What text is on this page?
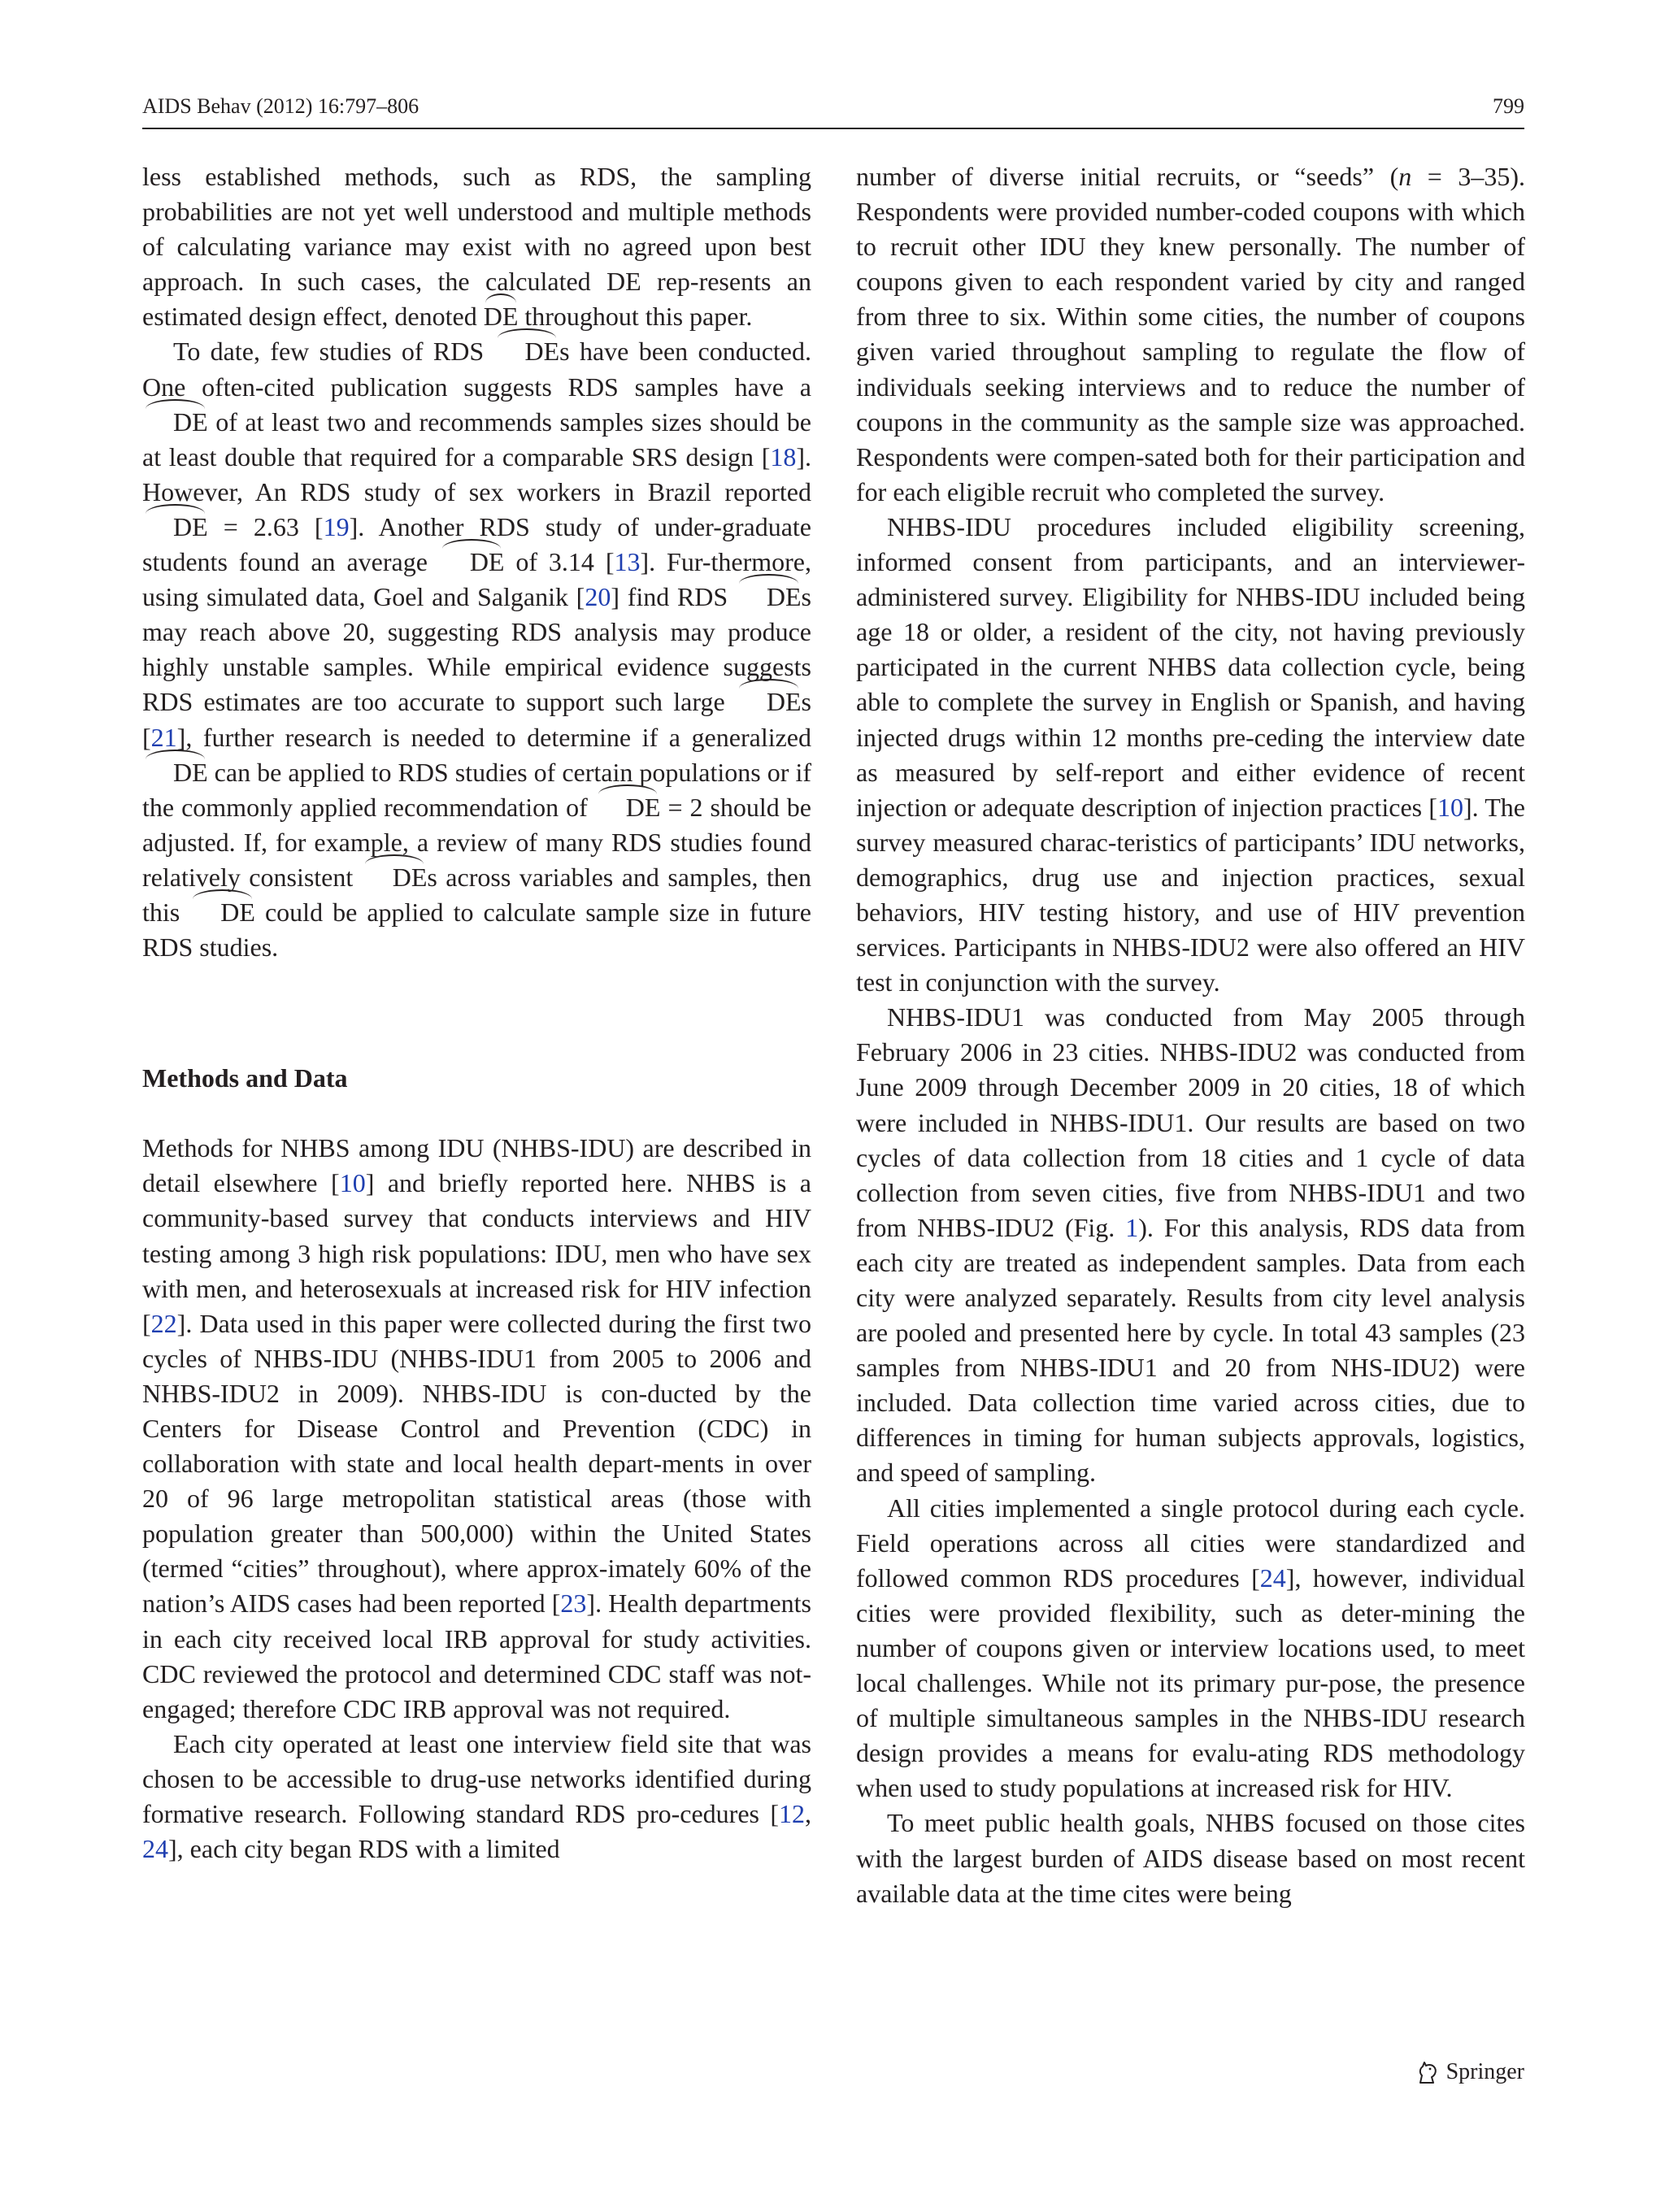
AIDS Behav (2012) 16:797–806	799

less established methods, such as RDS, the sampling probabilities are not yet well understood and multiple methods of calculating variance may exist with no agreed upon best approach. In such cases, the calculated DE rep-resents an estimated design effect, denoted DE throughout this paper.

To date, few studies of RDS DEs have been conducted. One often-cited publication suggests RDS samples have a DE of at least two and recommends samples sizes should be at least double that required for a comparable SRS design [18]. However, An RDS study of sex workers in Brazil reported DE = 2.63 [19]. Another RDS study of under-graduate students found an average DE of 3.14 [13]. Fur-thermore, using simulated data, Goel and Salganik [20] find RDS DEs may reach above 20, suggesting RDS analysis may produce highly unstable samples. While empirical evidence suggests RDS estimates are too accurate to support such large DEs [21], further research is needed to determine if a generalized DE can be applied to RDS studies of certain populations or if the commonly applied recommendation of DE = 2 should be adjusted. If, for example, a review of many RDS studies found relatively consistent DEs across variables and samples, then this DE could be applied to calculate sample size in future RDS studies.

Methods and Data

Methods for NHBS among IDU (NHBS-IDU) are described in detail elsewhere [10] and briefly reported here. NHBS is a community-based survey that conducts interviews and HIV testing among 3 high risk populations: IDU, men who have sex with men, and heterosexuals at increased risk for HIV infection [22]. Data used in this paper were collected during the first two cycles of NHBS-IDU (NHBS-IDU1 from 2005 to 2006 and NHBS-IDU2 in 2009). NHBS-IDU is con-ducted by the Centers for Disease Control and Prevention (CDC) in collaboration with state and local health depart-ments in over 20 of 96 large metropolitan statistical areas (those with population greater than 500,000) within the United States (termed “cities” throughout), where approx-imately 60% of the nation’s AIDS cases had been reported [23]. Health departments in each city received local IRB approval for study activities. CDC reviewed the protocol and determined CDC staff was not-engaged; therefore CDC IRB approval was not required.

Each city operated at least one interview field site that was chosen to be accessible to drug-use networks identified during formative research. Following standard RDS pro-cedures [12, 24], each city began RDS with a limited

number of diverse initial recruits, or “seeds” (n = 3–35). Respondents were provided number-coded coupons with which to recruit other IDU they knew personally. The number of coupons given to each respondent varied by city and ranged from three to six. Within some cities, the number of coupons given varied throughout sampling to regulate the flow of individuals seeking interviews and to reduce the number of coupons in the community as the sample size was approached. Respondents were compen-sated both for their participation and for each eligible recruit who completed the survey.

NHBS-IDU procedures included eligibility screening, informed consent from participants, and an interviewer-administered survey. Eligibility for NHBS-IDU included being age 18 or older, a resident of the city, not having previously participated in the current NHBS data collection cycle, being able to complete the survey in English or Spanish, and having injected drugs within 12 months pre-ceding the interview date as measured by self-report and either evidence of recent injection or adequate description of injection practices [10]. The survey measured charac-teristics of participants’ IDU networks, demographics, drug use and injection practices, sexual behaviors, HIV testing history, and use of HIV prevention services. Participants in NHBS-IDU2 were also offered an HIV test in conjunction with the survey.

NHBS-IDU1 was conducted from May 2005 through February 2006 in 23 cities. NHBS-IDU2 was conducted from June 2009 through December 2009 in 20 cities, 18 of which were included in NHBS-IDU1. Our results are based on two cycles of data collection from 18 cities and 1 cycle of data collection from seven cities, five from NHBS-IDU1 and two from NHBS-IDU2 (Fig. 1). For this analysis, RDS data from each city are treated as independent samples. Data from each city were analyzed separately. Results from city level analysis are pooled and presented here by cycle. In total 43 samples (23 samples from NHBS-IDU1 and 20 from NHS-IDU2) were included. Data collection time varied across cities, due to differences in timing for human subjects approvals, logistics, and speed of sampling.

All cities implemented a single protocol during each cycle. Field operations across all cities were standardized and followed common RDS procedures [24], however, individual cities were provided flexibility, such as deter-mining the number of coupons given or interview locations used, to meet local challenges. While not its primary pur-pose, the presence of multiple simultaneous samples in the NHBS-IDU research design provides a means for evalu-ating RDS methodology when used to study populations at increased risk for HIV.

To meet public health goals, NHBS focused on those cites with the largest burden of AIDS disease based on most recent available data at the time cites were being

Springer
